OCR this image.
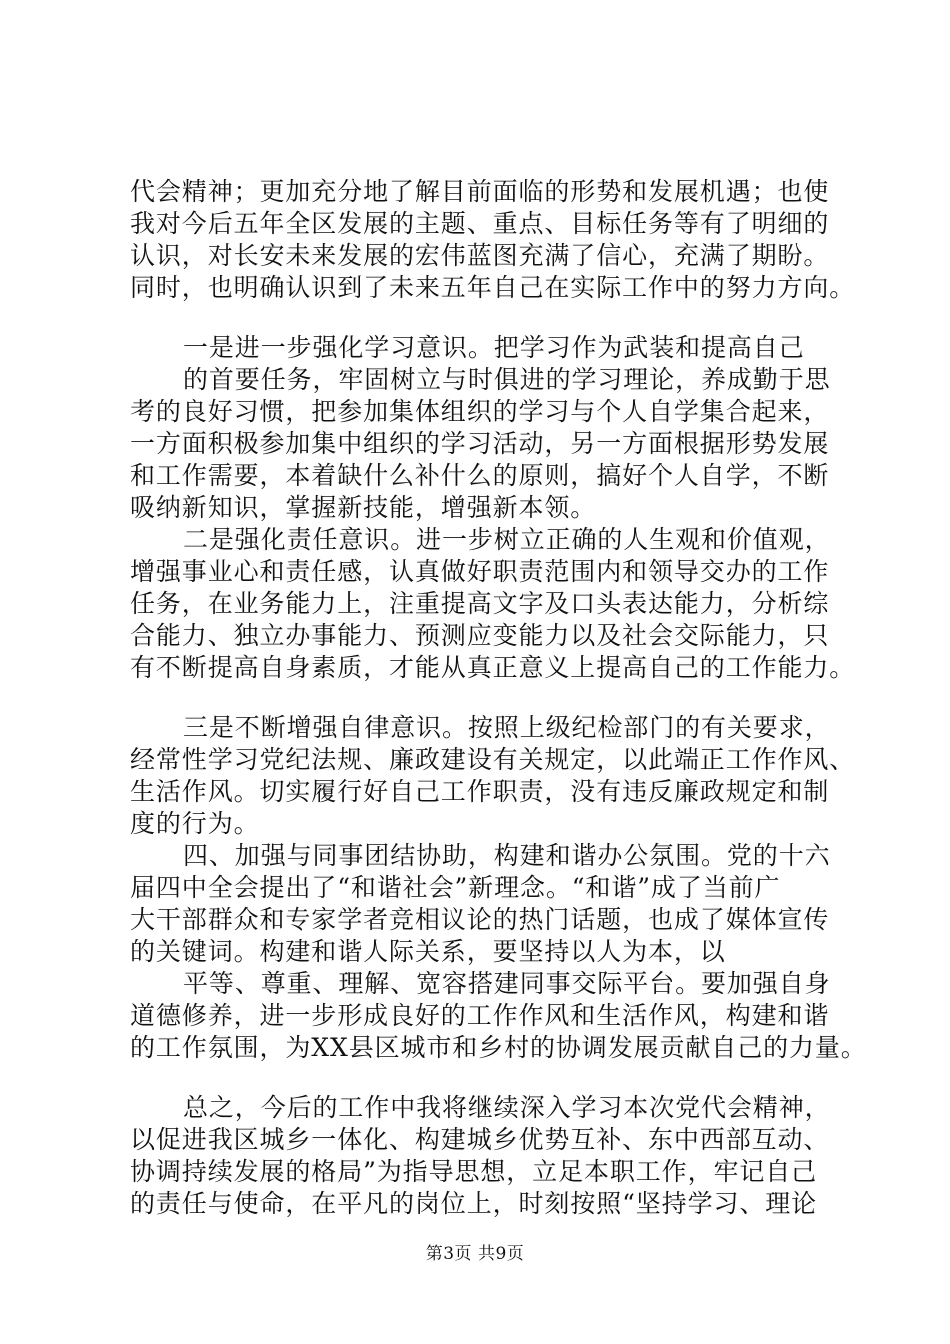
代会精神；更加充分地了解目前面临的形势和发展机遇；也使
我对今后五年全区发展的主题、重点、目标任务等有了明细的
认识，对长安未来发展的宏伟蓝图充满了信心，充满了期盼。
同时，也明确认识到了未来五年自己在实际工作中的努力方向。
一是进一步强化学习意识。把学习作为武装和提高自己
的首要任务，牢固树立与时俱进的学习理论，养成勤于思
考的良好习惯，把参加集体组织的学习与个人自学集合起来，
一方面积极参加集中组织的学习活动，另一方面根据形势发展
和工作需要，本着缺什么补什么的原则，搞好个人自学，不断
吸纳新知识，掌握新技能，增强新本领。
二是强化责任意识。进一步树立正确的人生观和价值观，
增强事业心和责任感，认真做好职责范围内和领导交办的工作
任务，在业务能力上，注重提高文字及口头表达能力，分析综
合能力、独立办事能力、预测应变能力以及社会交际能力，只
有不断提高自身素质，才能从真正意义上提高自己的工作能力。
三是不断增强自律意识。按照上级纪检部门的有关要求，
经常性学习党纪法规、廉政建设有关规定，以此端正工作作风、
生活作风。切实履行好自己工作职责，没有违反廉政规定和制
度的行为。
四、加强与同事团结协助，构建和谐办公氛围。党的十六
届四中全会提出了“和谐社会”新理念。“和谐”成了当前广
大干部群众和专家学者竞相议论的热门话题，也成了媒体宣传
的关键词。构建和谐人际关系，要坚持以人为本，以
平等、尊重、理解、宽容搭建同事交际平台。要加强自身
道德修养，进一步形成良好的工作作风和生活作风，构建和谐
的工作氛围，为XX县区城市和乡村的协调发展贡献自己的力量。
总之，今后的工作中我将继续深入学习本次党代会精神，
以促进我区城乡一体化、构建城乡优势互补、东中西部互动、
协调持续发展的格局”为指导思想，立足本职工作，牢记自己
的责任与使命，在平凡的岗位上，时刻按照“坚持学习、理论
第3页 共9页
